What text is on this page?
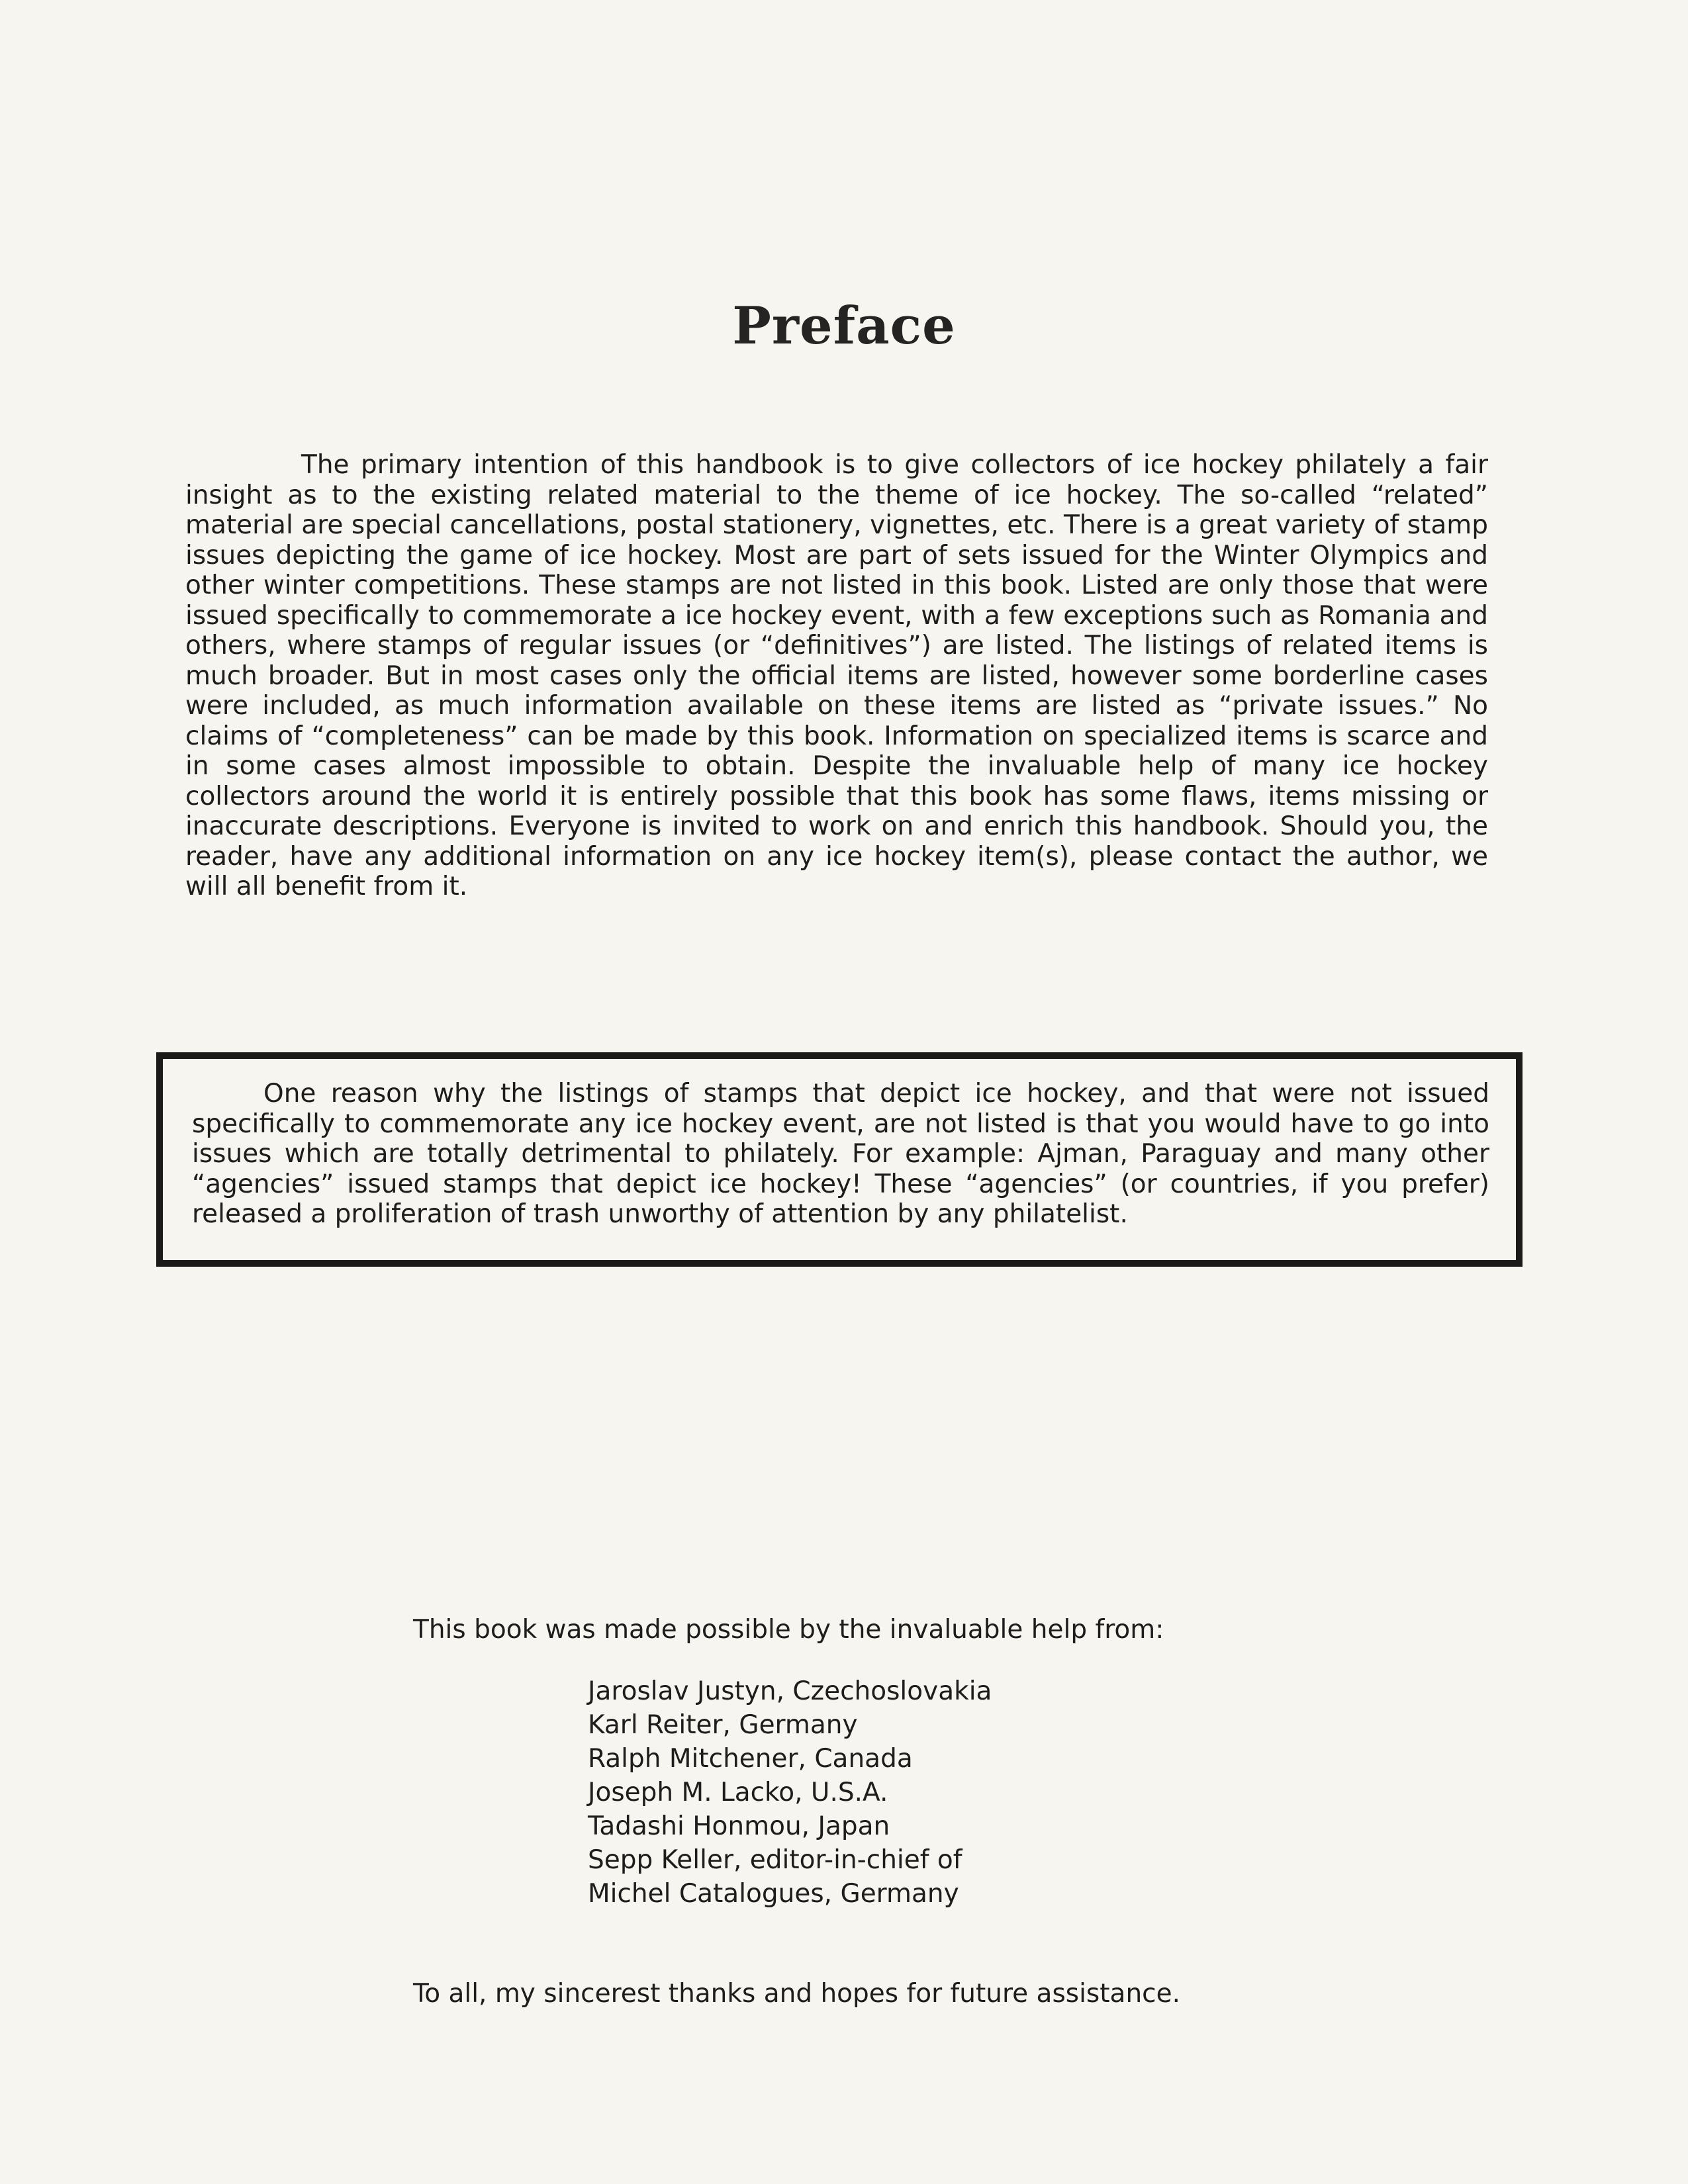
Preface

The primary intention of this handbook is to give collectors of ice hockey philately a fair insight as to the existing related material to the theme of ice hockey. The so-called “related” material are special cancellations, postal stationery, vignettes, etc. There is a great variety of stamp issues depicting the game of ice hockey. Most are part of sets issued for the Winter Olympics and other winter competitions. These stamps are not listed in this book. Listed are only those that were issued specifically to commemorate a ice hockey event, with a few exceptions such as Romania and others, where stamps of regular issues (or “definitives”) are listed. The listings of related items is much broader. But in most cases only the official items are listed, however some borderline cases were included, as much information available on these items are listed as “private issues.” No claims of “completeness” can be made by this book. Information on specialized items is scarce and in some cases almost impossible to obtain. Despite the invaluable help of many ice hockey collectors around the world it is entirely possible that this book has some flaws, items missing or inaccurate descriptions. Everyone is invited to work on and enrich this handbook. Should you, the reader, have any additional information on any ice hockey item(s), please contact the author, we will all benefit from it.

One reason why the listings of stamps that depict ice hockey, and that were not issued specifically to commemorate any ice hockey event, are not listed is that you would have to go into issues which are totally detrimental to philately. For example: Ajman, Paraguay and many other “agencies” issued stamps that depict ice hockey! These “agencies” (or countries, if you prefer) released a proliferation of trash unworthy of attention by any philatelist.

This book was made possible by the invaluable help from:
Jaroslav Justyn, Czechoslovakia
Karl Reiter, Germany
Ralph Mitchener, Canada
Joseph M. Lacko, U.S.A.
Tadashi Honmou, Japan
Sepp Keller, editor-in-chief of
Michel Catalogues, Germany
To all, my sincerest thanks and hopes for future assistance.
